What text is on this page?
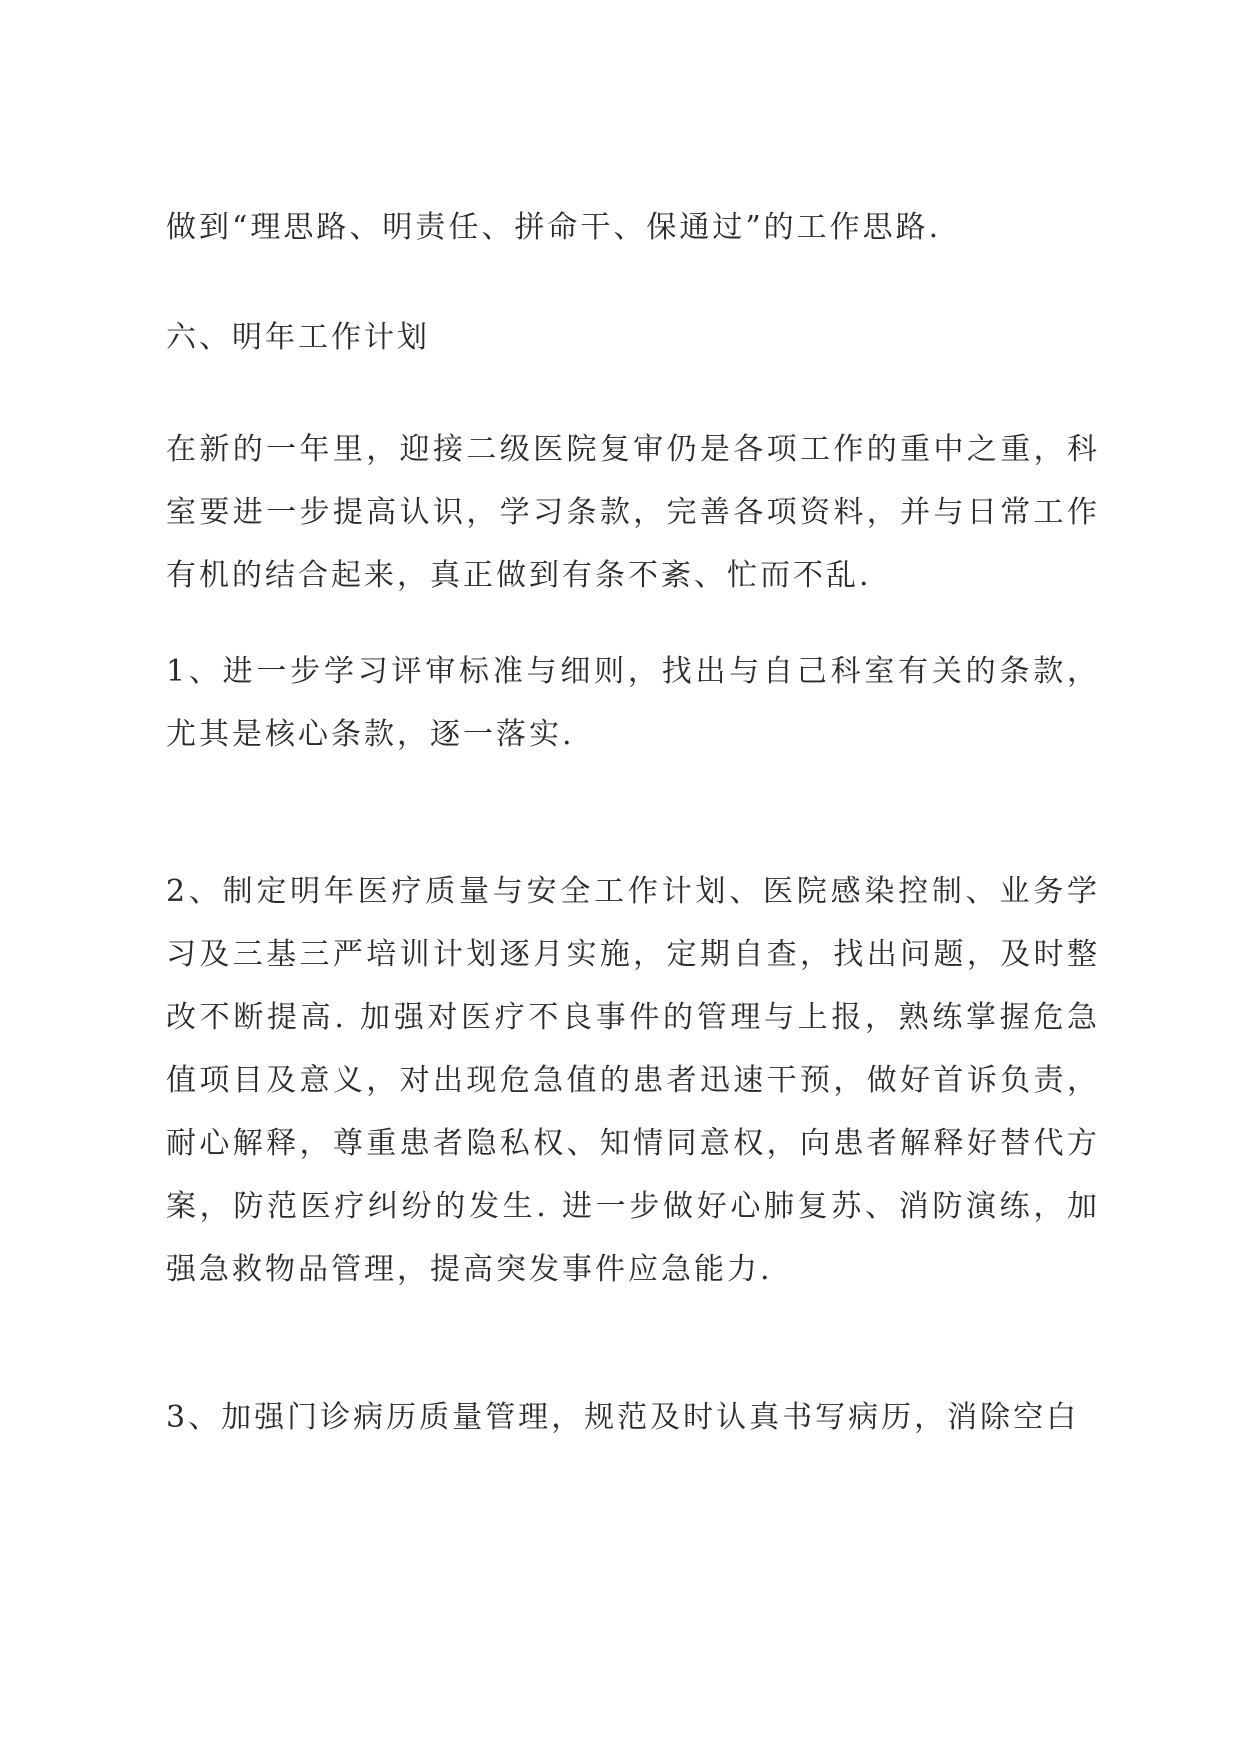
做到“理思路、明责任、拼命干、保通过”的工作思路.

六、明年工作计划

在新的一年里，迎接二级医院复审仍是各项工作的重中之重，科室要进一步提高认识，学习条款，完善各项资料，并与日常工作有机的结合起来，真正做到有条不紊、忙而不乱.

1、进一步学习评审标准与细则，找出与自己科室有关的条款，尤其是核心条款，逐一落实.

2、制定明年医疗质量与安全工作计划、医院感染控制、业务学习及三基三严培训计划逐月实施，定期自查，找出问题，及时整改不断提高. 加强对医疗不良事件的管理与上报，熟练掌握危急值项目及意义，对出现危急值的患者迅速干预，做好首诉负责，耐心解释，尊重患者隐私权、知情同意权，向患者解释好替代方案，防范医疗纠纷的发生. 进一步做好心肺复苏、消防演练，加强急救物品管理，提高突发事件应急能力.

3、加强门诊病历质量管理，规范及时认真书写病历，消除空白
